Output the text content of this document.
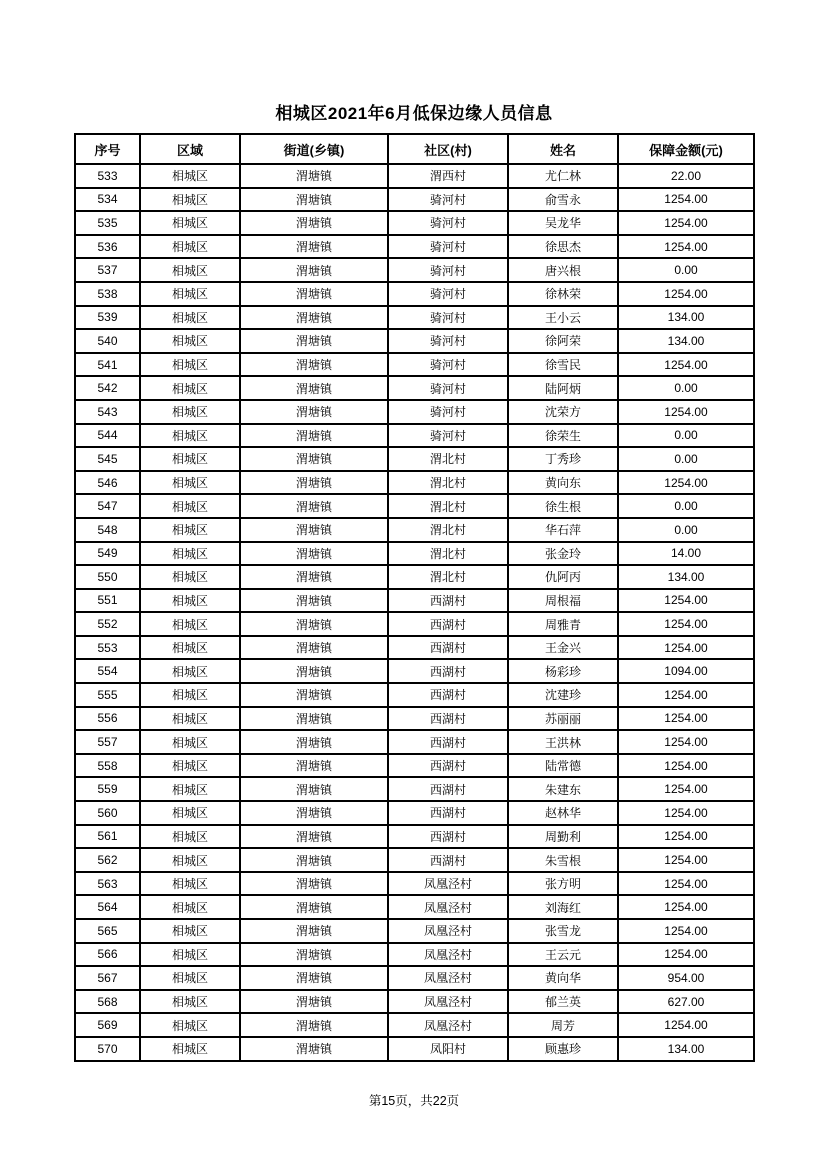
相城区2021年6月低保边缘人员信息
序号	区域	街道(乡镇)	社区(村)	姓名	保障金额(元)
533	相城区	渭塘镇	渭西村	尤仁林	22.00
534	相城区	渭塘镇	骑河村	俞雪永	1254.00
535	相城区	渭塘镇	骑河村	吴龙华	1254.00
536	相城区	渭塘镇	骑河村	徐思杰	1254.00
537	相城区	渭塘镇	骑河村	唐兴根	0.00
538	相城区	渭塘镇	骑河村	徐林荣	1254.00
539	相城区	渭塘镇	骑河村	王小云	134.00
540	相城区	渭塘镇	骑河村	徐阿荣	134.00
541	相城区	渭塘镇	骑河村	徐雪民	1254.00
542	相城区	渭塘镇	骑河村	陆阿炳	0.00
543	相城区	渭塘镇	骑河村	沈荣方	1254.00
544	相城区	渭塘镇	骑河村	徐荣生	0.00
545	相城区	渭塘镇	渭北村	丁秀珍	0.00
546	相城区	渭塘镇	渭北村	黄向东	1254.00
547	相城区	渭塘镇	渭北村	徐生根	0.00
548	相城区	渭塘镇	渭北村	华石萍	0.00
549	相城区	渭塘镇	渭北村	张金玲	14.00
550	相城区	渭塘镇	渭北村	仇阿丙	134.00
551	相城区	渭塘镇	西湖村	周根福	1254.00
552	相城区	渭塘镇	西湖村	周雅青	1254.00
553	相城区	渭塘镇	西湖村	王金兴	1254.00
554	相城区	渭塘镇	西湖村	杨彩珍	1094.00
555	相城区	渭塘镇	西湖村	沈建珍	1254.00
556	相城区	渭塘镇	西湖村	苏丽丽	1254.00
557	相城区	渭塘镇	西湖村	王洪林	1254.00
558	相城区	渭塘镇	西湖村	陆常德	1254.00
559	相城区	渭塘镇	西湖村	朱建东	1254.00
560	相城区	渭塘镇	西湖村	赵林华	1254.00
561	相城区	渭塘镇	西湖村	周勤利	1254.00
562	相城区	渭塘镇	西湖村	朱雪根	1254.00
563	相城区	渭塘镇	凤凰泾村	张方明	1254.00
564	相城区	渭塘镇	凤凰泾村	刘海红	1254.00
565	相城区	渭塘镇	凤凰泾村	张雪龙	1254.00
566	相城区	渭塘镇	凤凰泾村	王云元	1254.00
567	相城区	渭塘镇	凤凰泾村	黄向华	954.00
568	相城区	渭塘镇	凤凰泾村	郁兰英	627.00
569	相城区	渭塘镇	凤凰泾村	周芳	1254.00
570	相城区	渭塘镇	凤阳村	顾惠珍	134.00
第15页，共22页
